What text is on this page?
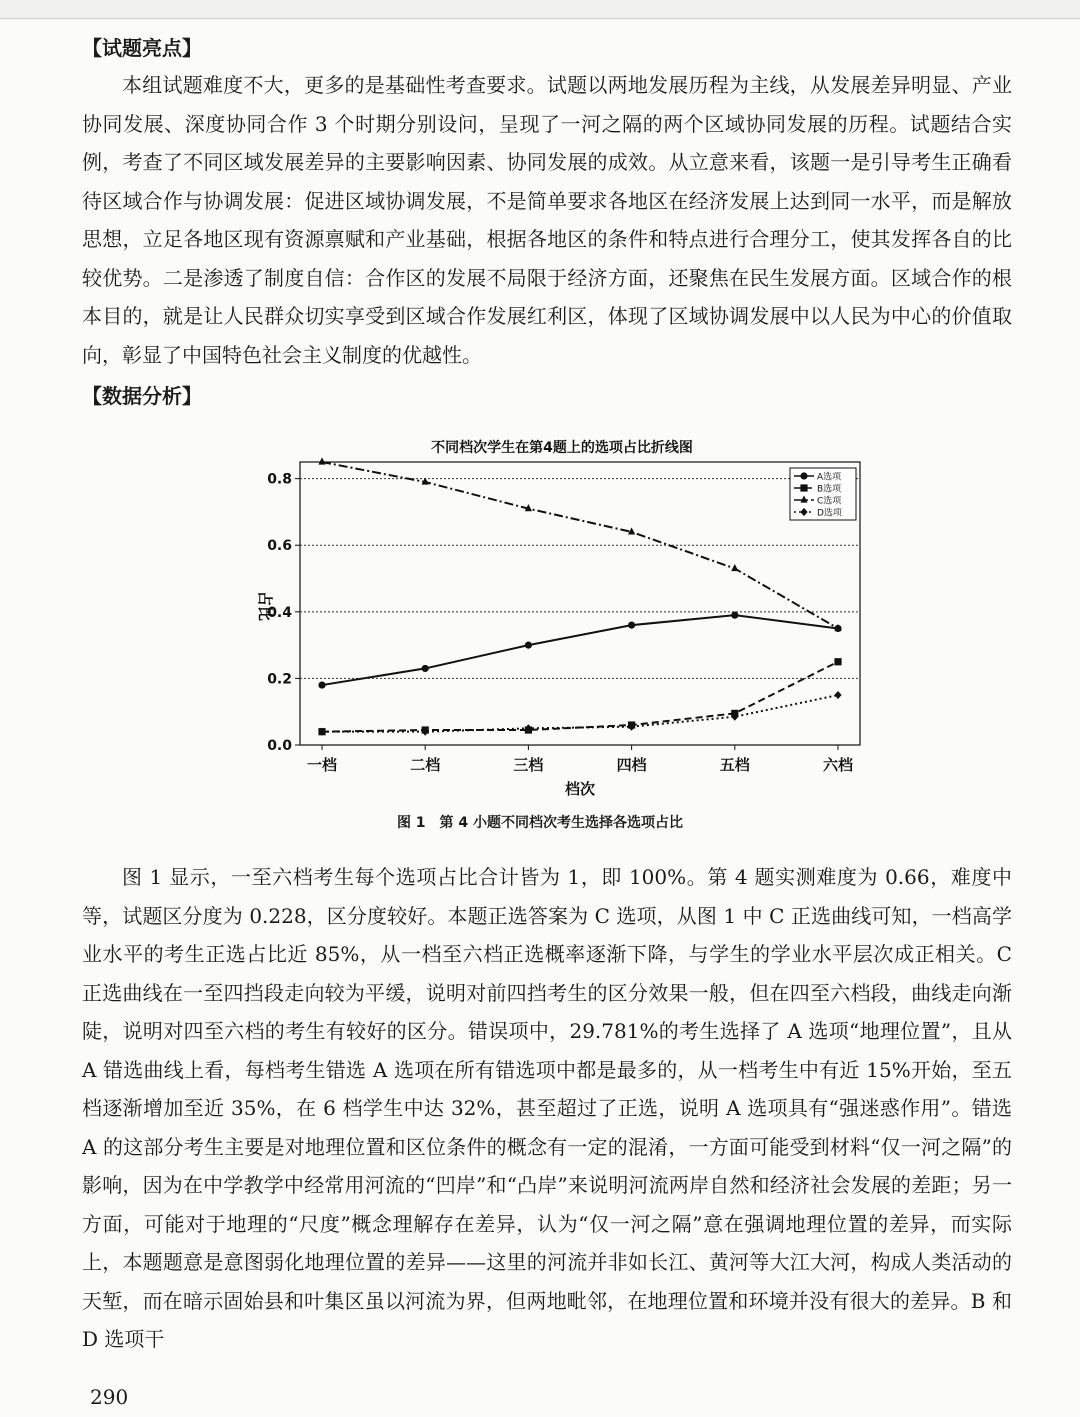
【试题亮点】

本组试题难度不大，更多的是基础性考查要求。试题以两地发展历程为主线，从发展差异明显、产业协同发展、深度协同合作 3 个时期分别设问，呈现了一河之隔的两个区域协同发展的历程。试题结合实例，考查了不同区域发展差异的主要影响因素、协同发展的成效。从立意来看，该题一是引导考生正确看待区域合作与协调发展：促进区域协调发展，不是简单要求各地区在经济发展上达到同一水平，而是解放思想，立足各地区现有资源禀赋和产业基础，根据各地区的条件和特点进行合理分工，使其发挥各自的比较优势。二是渗透了制度自信：合作区的发展不局限于经济方面，还聚焦在民生发展方面。区域合作的根本目的，就是让人民群众切实享受到区域合作发展红利区，体现了区域协调发展中以人民为中心的价值取向，彰显了中国特色社会主义制度的优越性。

【数据分析】

不同档次学生在第4题上的选项占比折线图
0.0
0.2
0.4
0.6
0.8
一档	二档	三档	四档	五档	六档
A选项
B选项
C选项
D选项
占比
档次
图 1　第 4 小题不同档次考生选择各选项占比

图 1 显示，一至六档考生每个选项占比合计皆为 1，即 100%。第 4 题实测难度为 0.66，难度中等，试题区分度为 0.228，区分度较好。本题正选答案为 C 选项，从图 1 中 C 正选曲线可知，一档高学业水平的考生正选占比近 85%，从一档至六档正选概率逐渐下降，与学生的学业水平层次成正相关。C 正选曲线在一至四挡段走向较为平缓，说明对前四挡考生的区分效果一般，但在四至六档段，曲线走向渐陡，说明对四至六档的考生有较好的区分。错误项中，29.781%的考生选择了 A 选项“地理位置”，且从 A 错选曲线上看，每档考生错选 A 选项在所有错选项中都是最多的，从一档考生中有近 15%开始，至五档逐渐增加至近 35%，在 6 档学生中达 32%，甚至超过了正选，说明 A 选项具有“强迷惑作用”。错选 A 的这部分考生主要是对地理位置和区位条件的概念有一定的混淆，一方面可能受到材料“仅一河之隔”的影响，因为在中学教学中经常用河流的“凹岸”和“凸岸”来说明河流两岸自然和经济社会发展的差距；另一方面，可能对于地理的“尺度”概念理解存在差异，认为“仅一河之隔”意在强调地理位置的差异，而实际上，本题题意是意图弱化地理位置的差异——这里的河流并非如长江、黄河等大江大河，构成人类活动的天堑，而在暗示固始县和叶集区虽以河流为界，但两地毗邻，在地理位置和环境并没有很大的差异。B 和 D 选项干

290
